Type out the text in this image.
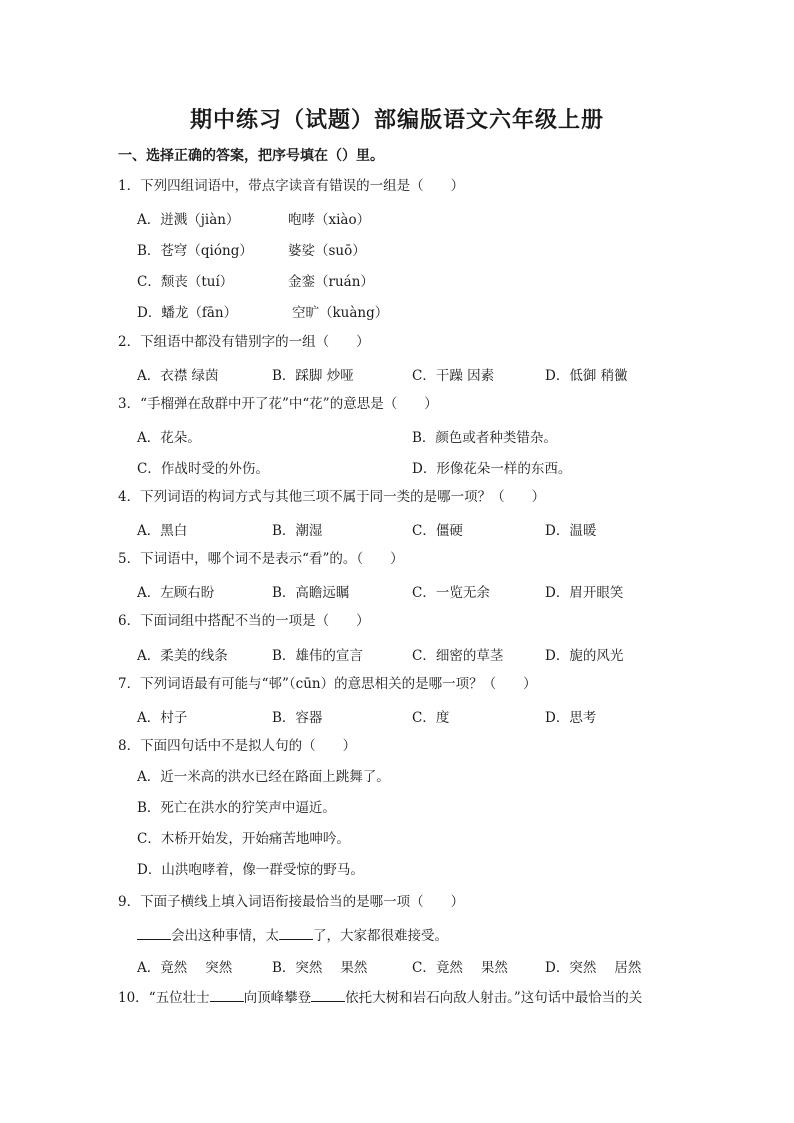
期中练习（试题）部编版语文六年级上册
一、选择正确的答案，把序号填在（）里。
1．下列四组词语中，带点字读音有错误的一组是（　　）
A．迸溅（jiàn）	咆哮（xiào）
B．苍穹（qióng）	婆娑（suō）
C．颓丧（tuí）	金銮（ruán）
D．蟠龙（fān）	空旷（kuàng）
2．下组语中都没有错别字的一组（　　）
A．衣襟 绿茵	B．踩脚 炒哑	C．干躁 因素	D．低御 稍黴
3．“手榴弹在敌群中开了花”中“花”的意思是（　　）
A．花朵。	B．颜色或者种类错杂。
C．作战时受的外伤。	D．形像花朵一样的东西。
4．下列词语的构词方式与其他三项不属于同一类的是哪一项？（　　）
A．黑白	B．潮湿	C．僵硬	D．温暖
5．下词语中，哪个词不是表示“看”的。（　　）
A．左顾右盼	B．高瞻远瞩	C．一览无余	D．眉开眼笑
6．下面词组中搭配不当的一项是（　　）
A．柔美的线条	B．雄伟的宣言	C．细密的草茎	D．旎的风光
7．下列词语最有可能与“邨”（cūn）的意思相关的是哪一项？（　　）
A．村子	B．容器	C．度	D．思考
8．下面四句话中不是拟人句的（　　）
A．近一米高的洪水已经在路面上跳舞了。
B．死亡在洪水的狞笑声中逼近。
C．木桥开始发，开始痛苦地呻吟。
D．山洪咆哮着，像一群受惊的野马。
9．下面子横线上填入词语衔接最恰当的是哪一项（　　）
会出这种事情，太	了，大家都很难接受。
A．竟然 突然	B．突然 果然	C．竟然 果然	D．突然 居然
10．“五位壮士	向顶峰攀登	依托大树和岩石向敌人射击。”这句话中最恰当的关
